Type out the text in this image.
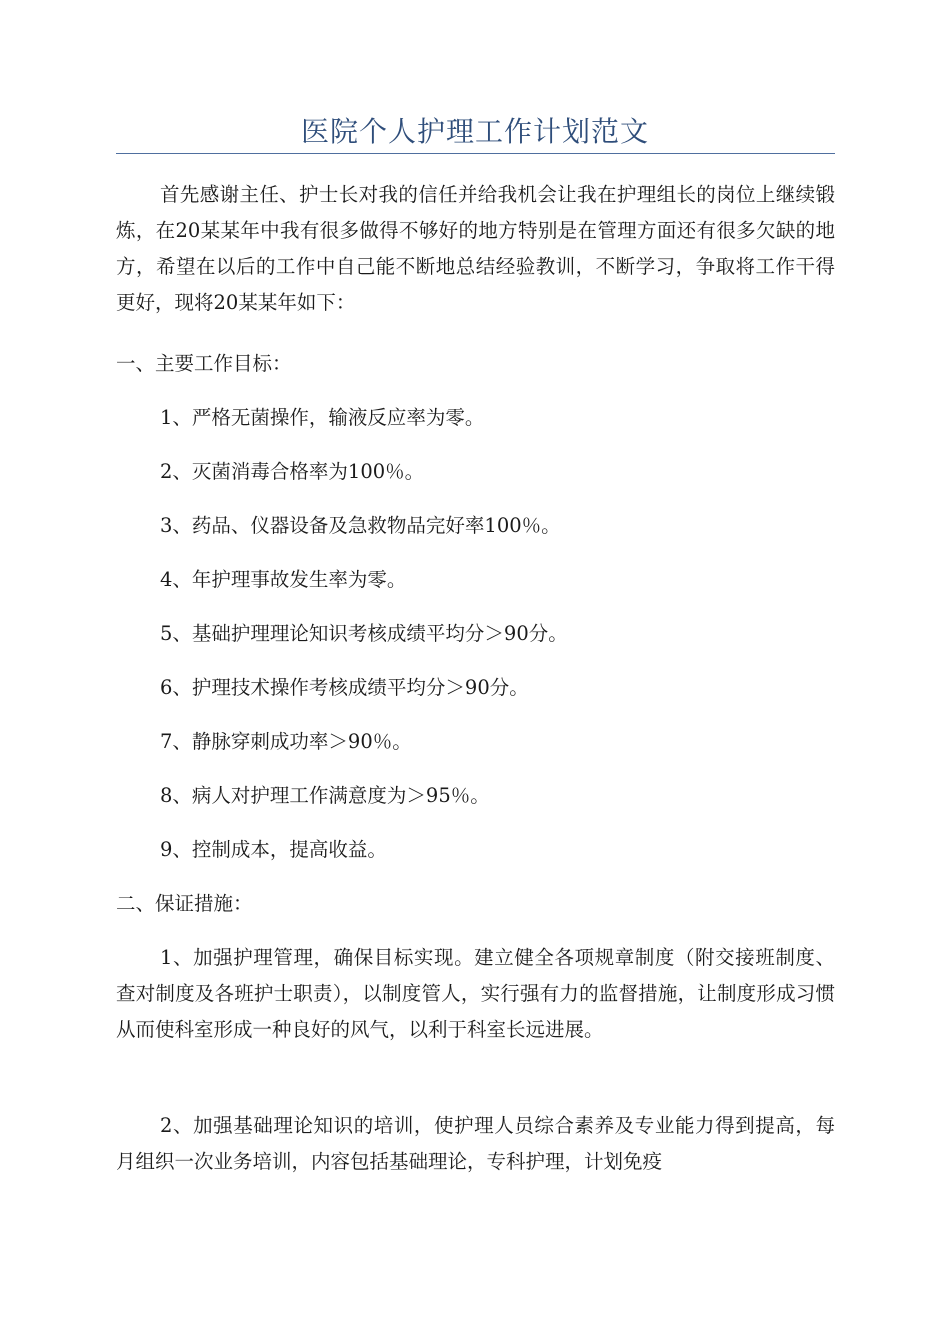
医院个人护理工作计划范文

首先感谢主任、护士长对我的信任并给我机会让我在护理组长的岗位上继续锻炼，在20某某年中我有很多做得不够好的地方特别是在管理方面还有很多欠缺的地方，希望在以后的工作中自己能不断地总结经验教训，不断学习，争取将工作干得更好，现将20某某年如下：

一、主要工作目标：

1、严格无菌操作，输液反应率为零。

2、灭菌消毒合格率为100％。

3、药品、仪器设备及急救物品完好率100％。

4、年护理事故发生率为零。

5、基础护理理论知识考核成绩平均分＞90分。

6、护理技术操作考核成绩平均分＞90分。

7、静脉穿刺成功率＞90％。

8、病人对护理工作满意度为＞95％。

9、控制成本，提高收益。

二、保证措施：

1、加强护理管理，确保目标实现。建立健全各项规章制度（附交接班制度、查对制度及各班护士职责），以制度管人，实行强有力的监督措施，让制度形成习惯从而使科室形成一种良好的风气，以利于科室长远进展。

2、加强基础理论知识的培训，使护理人员综合素养及专业能力得到提高，每月组织一次业务培训，内容包括基础理论，专科护理，计划免疫
